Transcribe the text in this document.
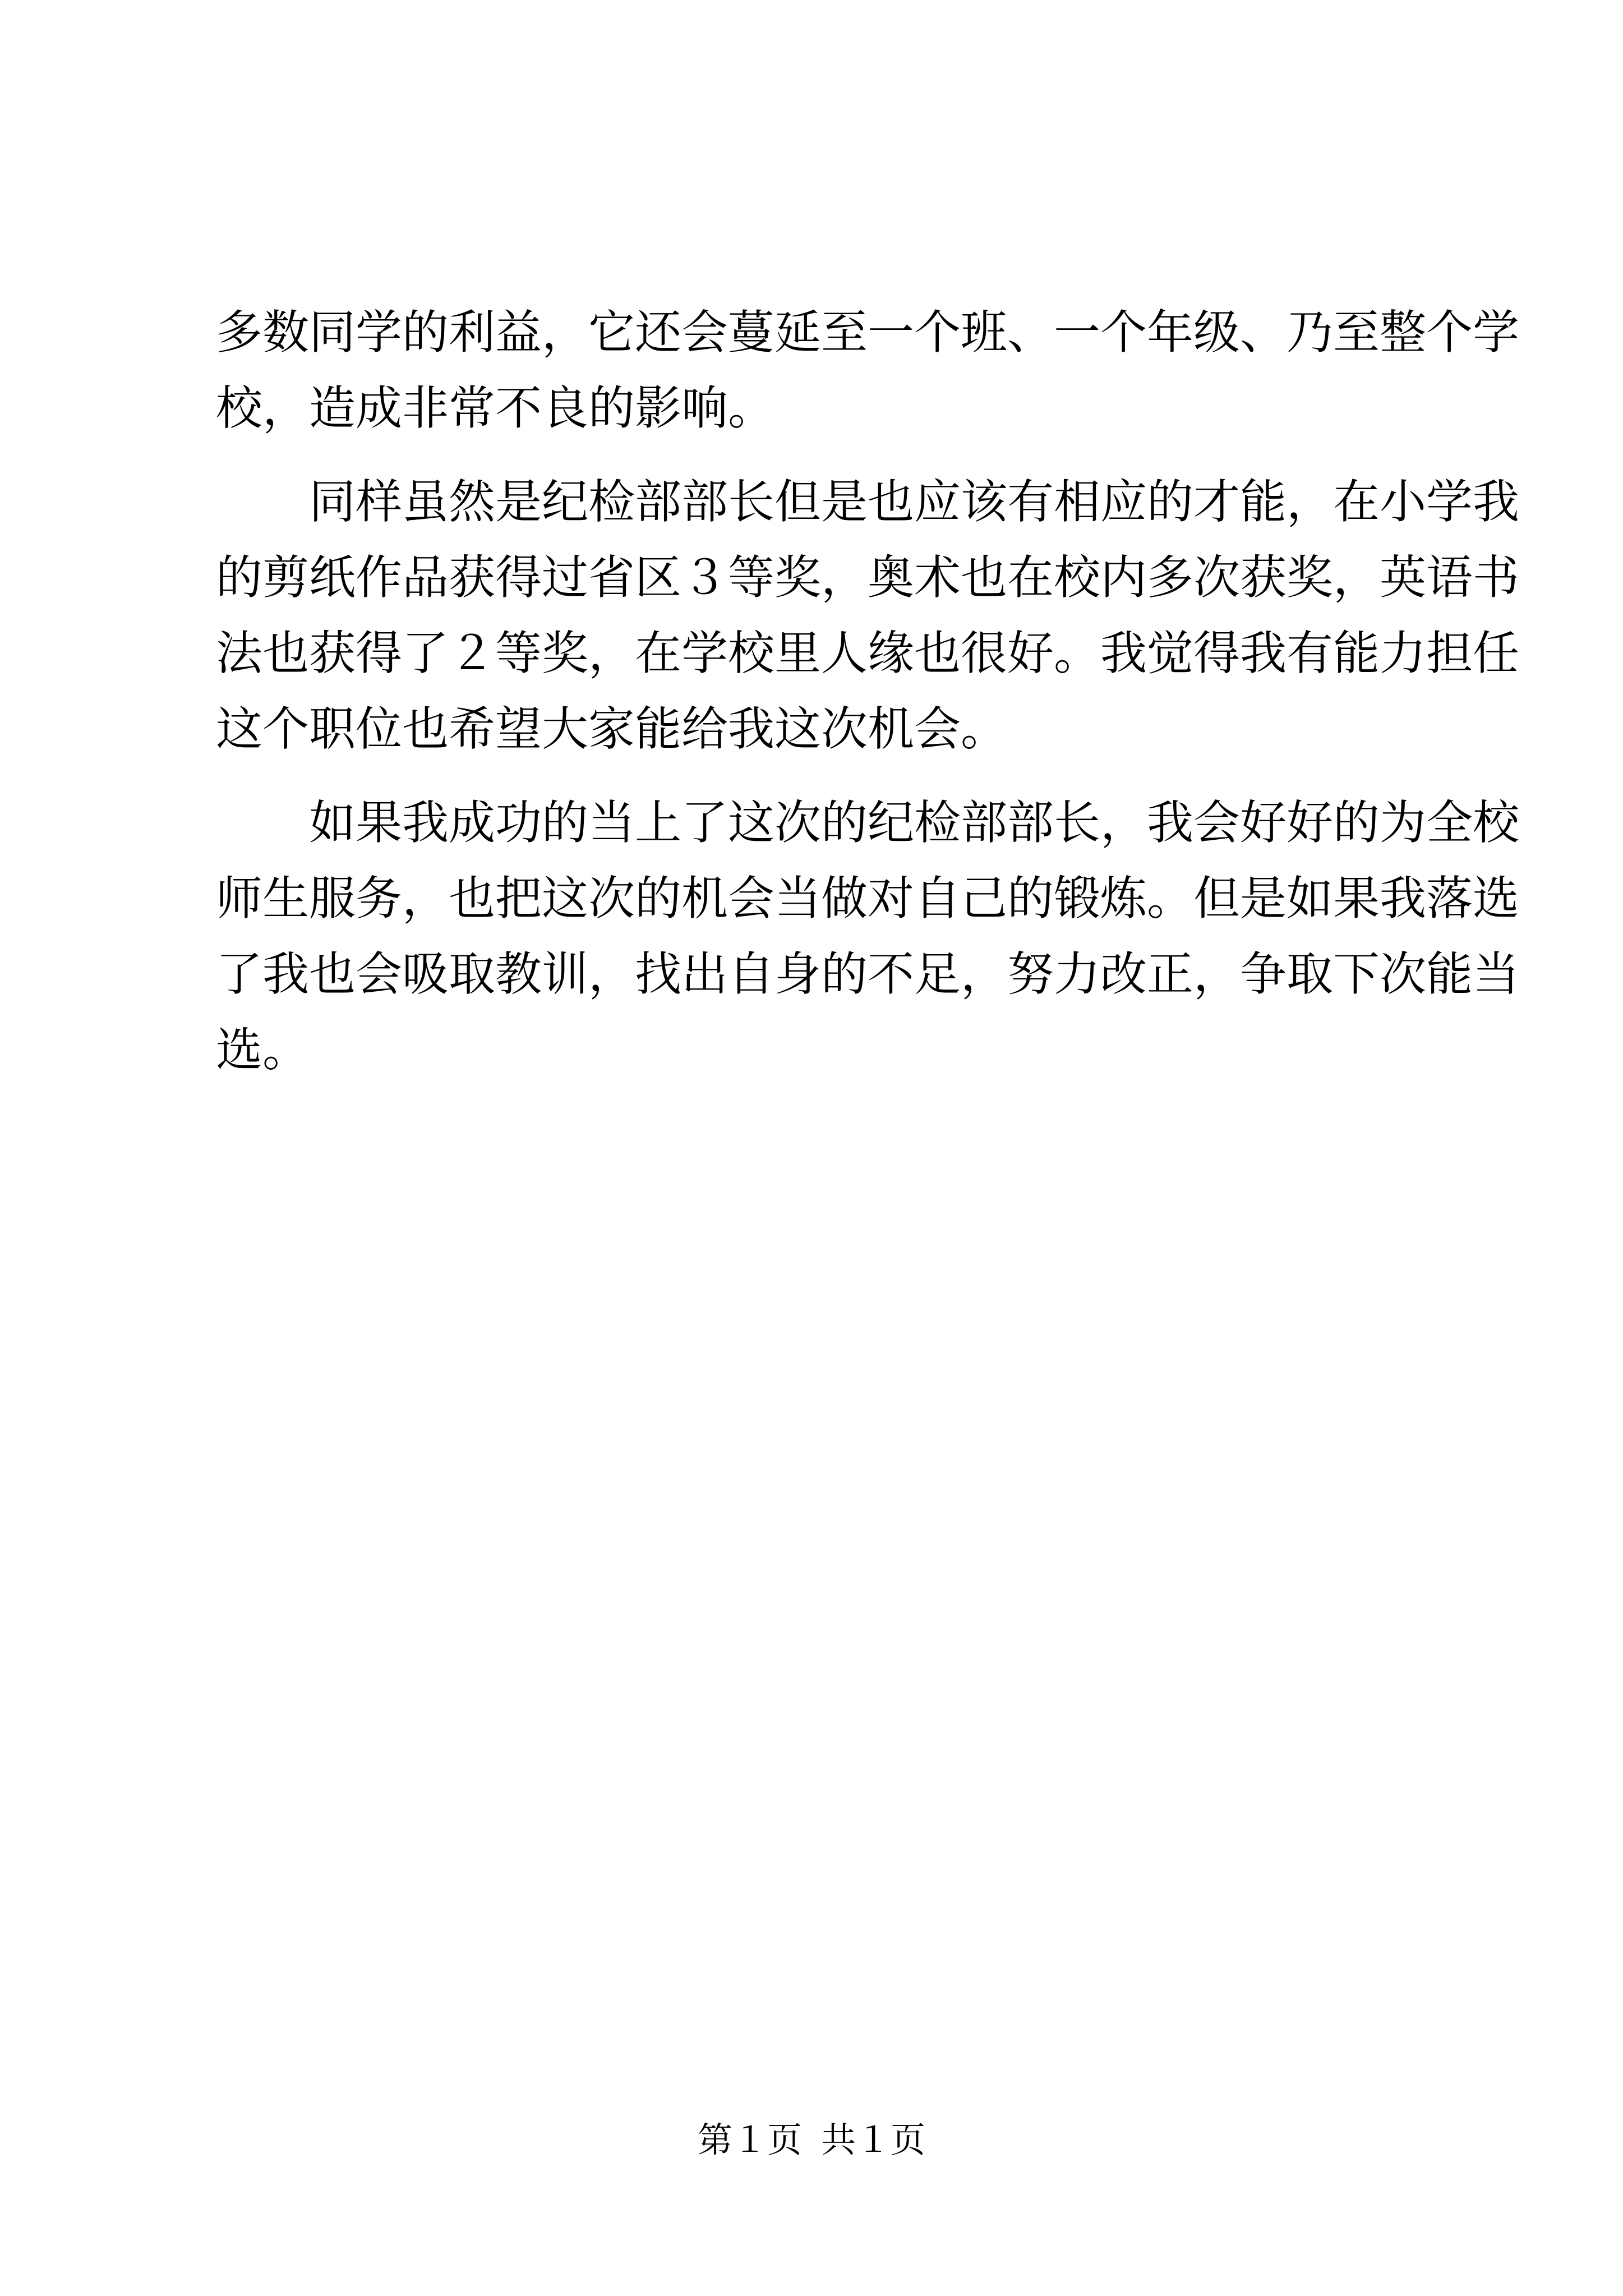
多数同学的利益，它还会蔓延至一个班、一个年级、乃至整个学
校，造成非常不良的影响。
同样虽然是纪检部部长但是也应该有相应的才能，在小学我
的剪纸作品获得过省区３等奖，奥术也在校内多次获奖，英语书
法也获得了２等奖，在学校里人缘也很好。我觉得我有能力担任
这个职位也希望大家能给我这次机会。
如果我成功的当上了这次的纪检部部长，我会好好的为全校
师生服务，也把这次的机会当做对自己的锻炼。但是如果我落选
了我也会吸取教训，找出自身的不足，努力改正，争取下次能当
选。
第１页 共１页
